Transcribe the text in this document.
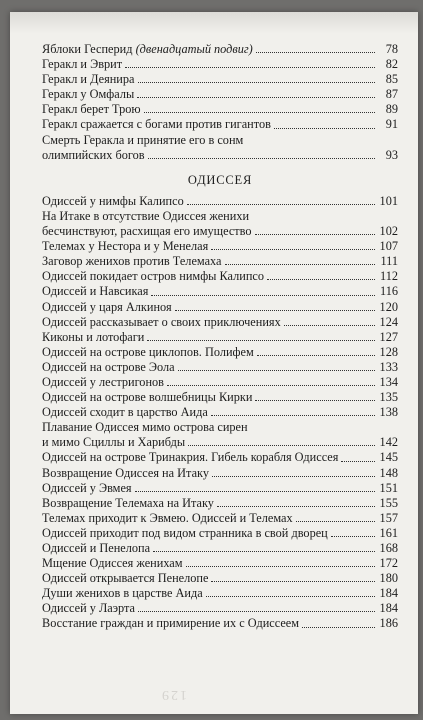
Яблоки Гесперид (двенадцатый подвиг)	78
Геракл и Эврит	82
Геракл и Деянира	85
Геракл у Омфалы	87
Геракл берет Трою	89
Геракл сражается с богами против гигантов	91
Смерть Геракла и принятие его в сонм
олимпийских богов	93
ОДИССЕЯ
Одиссей у нимфы Калипсо	101
На Итаке в отсутствие Одиссея женихи
бесчинствуют, расхищая его имущество	102
Телемах у Нестора и у Менелая	107
Заговор женихов против Телемаха	111
Одиссей покидает остров нимфы Калипсо	112
Одиссей и Навсикая	116
Одиссей у царя Алкиноя	120
Одиссей рассказывает о своих приключениях	124
Киконы и лотофаги	127
Одиссей на острове циклопов. Полифем	128
Одиссей на острове Эола	133
Одиссей у лестригонов	134
Одиссей на острове волшебницы Кирки	135
Одиссей сходит в царство Аида	138
Плавание Одиссея мимо острова сирен
и мимо Сциллы и Харибды	142
Одиссей на острове Тринакрия. Гибель корабля Одиссея	145
Возвращение Одиссея на Итаку	148
Одиссей у Эвмея	151
Возвращение Телемаха на Итаку	155
Телемах приходит к Эвмею. Одиссей и Телемах	157
Одиссей приходит под видом странника в свой дворец	161
Одиссей и Пенелопа	168
Мщение Одиссея женихам	172
Одиссей открывается Пенелопе	180
Души женихов в царстве Аида	184
Одиссей у Лаэрта	184
Восстание граждан и примирение их с Одиссеем	186
129
